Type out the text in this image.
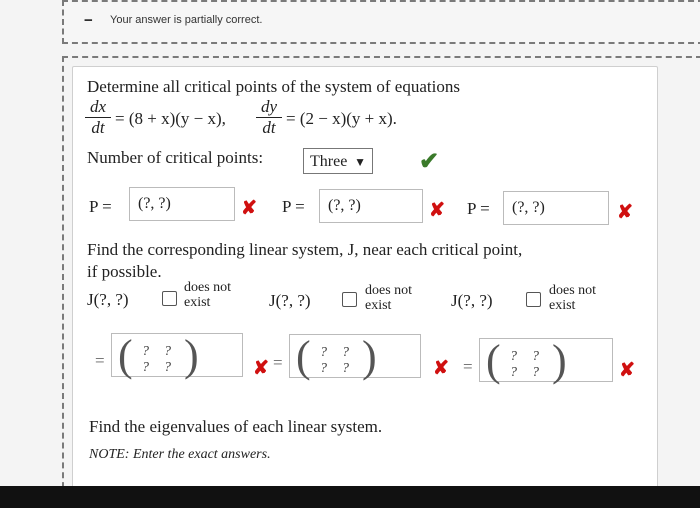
− Your answer is partially correct.
Determine all critical points of the system of equations
dx
dt = (8 + x)(y − x),
dy
dt = (2 − x)(y + x).
Number of critical points:	Three ▼ ✔
P =	(?, ?)	✘ P =	(?, ?)	✘ P =	(?, ?)	✘
Find the corresponding linear system, J, near each critical point,
if possible.
J(?, ?)
does not
exist	J(?, ?)
does not
exist	J(?, ?)
does not
exist
= ( ? ?
? ? )	✘ = ( ? ?
? ? )	✘ = ( ? ?
? ? )	✘
Find the eigenvalues of each linear system.
NOTE: Enter the exact answers.
